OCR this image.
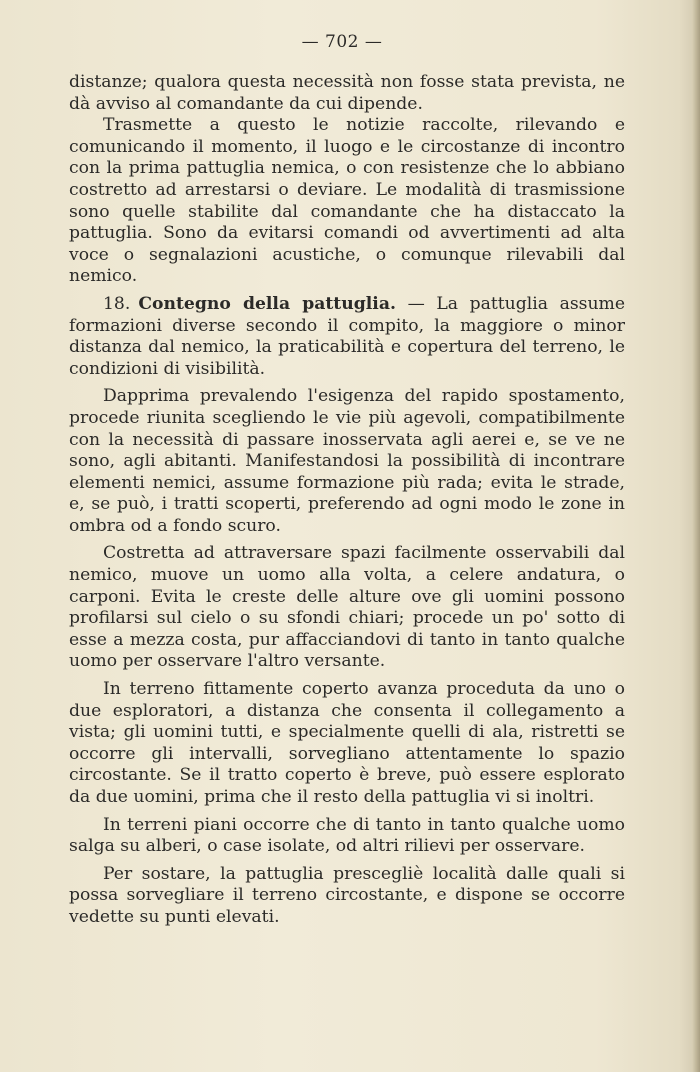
— 702 —

distanze; qualora questa necessità non fosse stata prevista, ne dà avviso al comandante da cui dipende.

Trasmette a questo le notizie raccolte, rilevando e comunicando il momento, il luogo e le circostanze di incontro con la prima pattuglia nemica, o con resistenze che lo abbiano costretto ad arrestarsi o deviare. Le modalità di trasmissione sono quelle stabilite dal comandante che ha distaccato la pattuglia. Sono da evitarsi comandi od avvertimenti ad alta voce o segnalazioni acustiche, o comunque rilevabili dal nemico.

18. Contegno della pattuglia. — La pattuglia assume formazioni diverse secondo il compito, la maggiore o minor distanza dal nemico, la praticabilità e copertura del terreno, le condizioni di visibilità.

Dapprima prevalendo l'esigenza del rapido spostamento, procede riunita scegliendo le vie più agevoli, compatibilmente con la necessità di passare inosservata agli aerei e, se ve ne sono, agli abitanti. Manifestandosi la possibilità di incontrare elementi nemici, assume formazione più rada; evita le strade, e, se può, i tratti scoperti, preferendo ad ogni modo le zone in ombra od a fondo scuro.

Costretta ad attraversare spazi facilmente osservabili dal nemico, muove un uomo alla volta, a celere andatura, o carponi. Evita le creste delle alture ove gli uomini possono profilarsi sul cielo o su sfondi chiari; procede un po' sotto di esse a mezza costa, pur affacciandovi di tanto in tanto qualche uomo per osservare l'altro versante.

In terreno fittamente coperto avanza proceduta da uno o due esploratori, a distanza che consenta il collegamento a vista; gli uomini tutti, e specialmente quelli di ala, ristretti se occorre gli intervalli, sorvegliano attentamente lo spazio circostante. Se il tratto coperto è breve, può essere esplorato da due uomini, prima che il resto della pattuglia vi si inoltri.

In terreni piani occorre che di tanto in tanto qualche uomo salga su alberi, o case isolate, od altri rilievi per osservare.

Per sostare, la pattuglia prescegliè località dalle quali si possa sorvegliare il terreno circostante, e dispone se occorre vedette su punti elevati.
